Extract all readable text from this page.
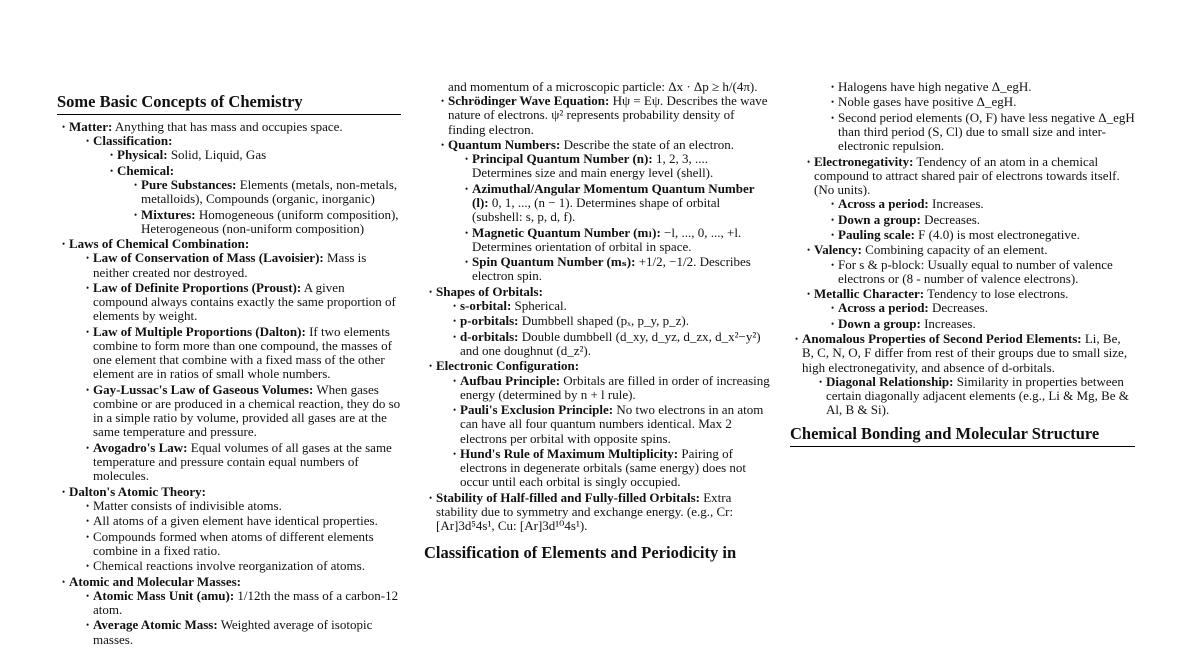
Some Basic Concepts of Chemistry
• Matter: Anything that has mass and occupies space.
• Classification:
• Physical: Solid, Liquid, Gas
• Chemical:
• Pure Substances: Elements (metals, non-metals, metalloids), Compounds (organic, inorganic)
• Mixtures: Homogeneous (uniform composition), Heterogeneous (non-uniform composition)
• Laws of Chemical Combination:
• Law of Conservation of Mass (Lavoisier): Mass is neither created nor destroyed.
• Law of Definite Proportions (Proust): A given compound always contains exactly the same proportion of elements by weight.
• Law of Multiple Proportions (Dalton): If two elements combine to form more than one compound, the masses of one element that combine with a fixed mass of the other element are in ratios of small whole numbers.
• Gay-Lussac's Law of Gaseous Volumes: When gases combine or are produced in a chemical reaction, they do so in a simple ratio by volume, provided all gases are at the same temperature and pressure.
• Avogadro's Law: Equal volumes of all gases at the same temperature and pressure contain equal numbers of molecules.
• Dalton's Atomic Theory:
• Matter consists of indivisible atoms.
• All atoms of a given element have identical properties.
• Compounds formed when atoms of different elements combine in a fixed ratio.
• Chemical reactions involve reorganization of atoms.
• Atomic and Molecular Masses:
• Atomic Mass Unit (amu): 1/12th the mass of a carbon-12 atom.
• Average Atomic Mass: Weighted average of isotopic masses.
and momentum of a microscopic particle: Δx · Δp ≥ h/(4π).
• Schrödinger Wave Equation: Hψ = Eψ. Describes the wave nature of electrons. ψ² represents probability density of finding electron.
• Quantum Numbers: Describe the state of an electron.
• Principal Quantum Number (n): 1, 2, 3, .... Determines size and main energy level (shell).
• Azimuthal/Angular Momentum Quantum Number (l): 0, 1, ..., (n − 1). Determines shape of orbital (subshell: s, p, d, f).
• Magnetic Quantum Number (mₗ): −l, ..., 0, ..., +l. Determines orientation of orbital in space.
• Spin Quantum Number (mₛ): +1/2, −1/2. Describes electron spin.
• Shapes of Orbitals:
• s-orbital: Spherical.
• p-orbitals: Dumbbell shaped (pₓ, p_y, p_z).
• d-orbitals: Double dumbbell (d_xy, d_yz, d_zx, d_x²−y²) and one doughnut (d_z²).
• Electronic Configuration:
• Aufbau Principle: Orbitals are filled in order of increasing energy (determined by n + l rule).
• Pauli's Exclusion Principle: No two electrons in an atom can have all four quantum numbers identical. Max 2 electrons per orbital with opposite spins.
• Hund's Rule of Maximum Multiplicity: Pairing of electrons in degenerate orbitals (same energy) does not occur until each orbital is singly occupied.
• Stability of Half-filled and Fully-filled Orbitals: Extra stability due to symmetry and exchange energy. (e.g., Cr: [Ar]3d⁵4s¹, Cu: [Ar]3d¹⁰4s¹).
Classification of Elements and Periodicity in
• Halogens have high negative Δ_egH.
• Noble gases have positive Δ_egH.
• Second period elements (O, F) have less negative Δ_egH than third period (S, Cl) due to small size and inter-electronic repulsion.
• Electronegativity: Tendency of an atom in a chemical compound to attract shared pair of electrons towards itself. (No units).
• Across a period: Increases.
• Down a group: Decreases.
• Pauling scale: F (4.0) is most electronegative.
• Valency: Combining capacity of an element.
• For s & p-block: Usually equal to number of valence electrons or (8 - number of valence electrons).
• Metallic Character: Tendency to lose electrons.
• Across a period: Decreases.
• Down a group: Increases.
• Anomalous Properties of Second Period Elements: Li, Be, B, C, N, O, F differ from rest of their groups due to small size, high electronegativity, and absence of d-orbitals.
• Diagonal Relationship: Similarity in properties between certain diagonally adjacent elements (e.g., Li & Mg, Be & Al, B & Si).
Chemical Bonding and Molecular Structure
